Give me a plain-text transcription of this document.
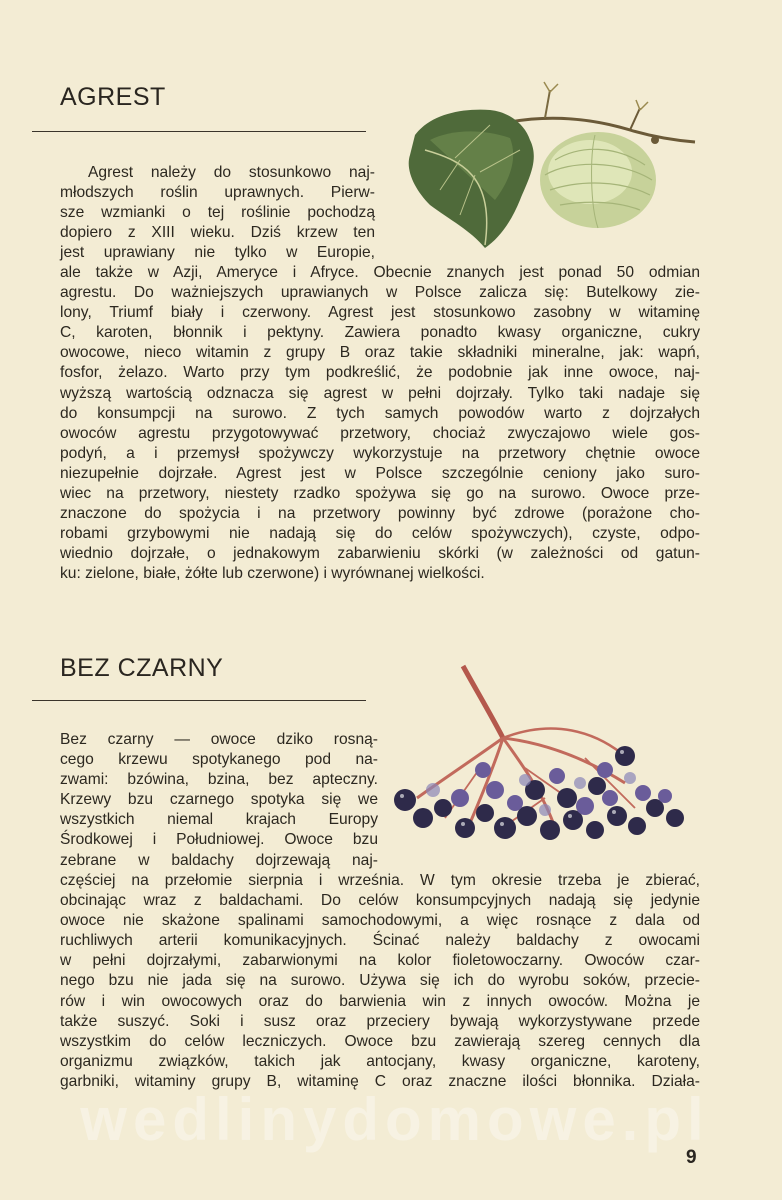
AGREST

Agrest należy do stosunkowo naj-
młodszych roślin uprawnych. Pierw-
sze wzmianki o tej roślinie pochodzą
dopiero z XIII wieku. Dziś krzew ten
jest uprawiany nie tylko w Europie,

ale także w Azji, Ameryce i Afryce. Obecnie znanych jest ponad 50 odmian
agrestu. Do ważniejszych uprawianych w Polsce zalicza się: Butelkowy zie-
lony, Triumf biały i czerwony. Agrest jest stosunkowo zasobny w witaminę
C, karoten, błonnik i pektyny. Zawiera ponadto kwasy organiczne, cukry
owocowe, nieco witamin z grupy B oraz takie składniki mineralne, jak: wapń,
fosfor, żelazo. Warto przy tym podkreślić, że podobnie jak inne owoce, naj-
wyższą wartością odznacza się agrest w pełni dojrzały. Tylko taki nadaje się
do konsumpcji na surowo. Z tych samych powodów warto z dojrzałych
owoców agrestu przygotowywać przetwory, chociaż zwyczajowo wiele gos-
podyń, a i przemysł spożywczy wykorzystuje na przetwory chętnie owoce
niezupełnie dojrzałe. Agrest jest w Polsce szczególnie ceniony jako suro-
wiec na przetwory, niestety rzadko spożywa się go na surowo. Owoce prze-
znaczone do spożycia i na przetwory powinny być zdrowe (porażone cho-
robami grzybowymi nie nadają się do celów spożywczych), czyste, odpo-
wiednio dojrzałe, o jednakowym zabarwieniu skórki (w zależności od gatun-
ku: zielone, białe, żółte lub czerwone) i wyrównanej wielkości.

BEZ CZARNY

Bez czarny — owoce dziko rosną-
cego krzewu spotykanego pod na-
zwami: bzówina, bzina, bez apteczny.
Krzewy bzu czarnego spotyka się we
wszystkich niemal krajach Europy
Środkowej i Południowej. Owoce bzu
zebrane w baldachy dojrzewają naj-

częściej na przełomie sierpnia i września. W tym okresie trzeba je zbierać,
obcinając wraz z baldachami. Do celów konsumpcyjnych nadają się jedynie
owoce nie skażone spalinami samochodowymi, a więc rosnące z dala od
ruchliwych arterii komunikacyjnych. Ścinać należy baldachy z owocami
w pełni dojrzałymi, zabarwionymi na kolor fioletowoczarny. Owoców czar-
nego bzu nie jada się na surowo. Używa się ich do wyrobu soków, przecie-
rów i win owocowych oraz do barwienia win z innych owoców. Można je
także suszyć. Soki i susz oraz przeciery bywają wykorzystywane przede
wszystkim do celów leczniczych. Owoce bzu zawierają szereg cennych dla
organizmu związków, takich jak antocjany, kwasy organiczne, karoteny,
garbniki, witaminy grupy B, witaminę C oraz znaczne ilości błonnika. Działa-

wedlinydomowe.pl
9
